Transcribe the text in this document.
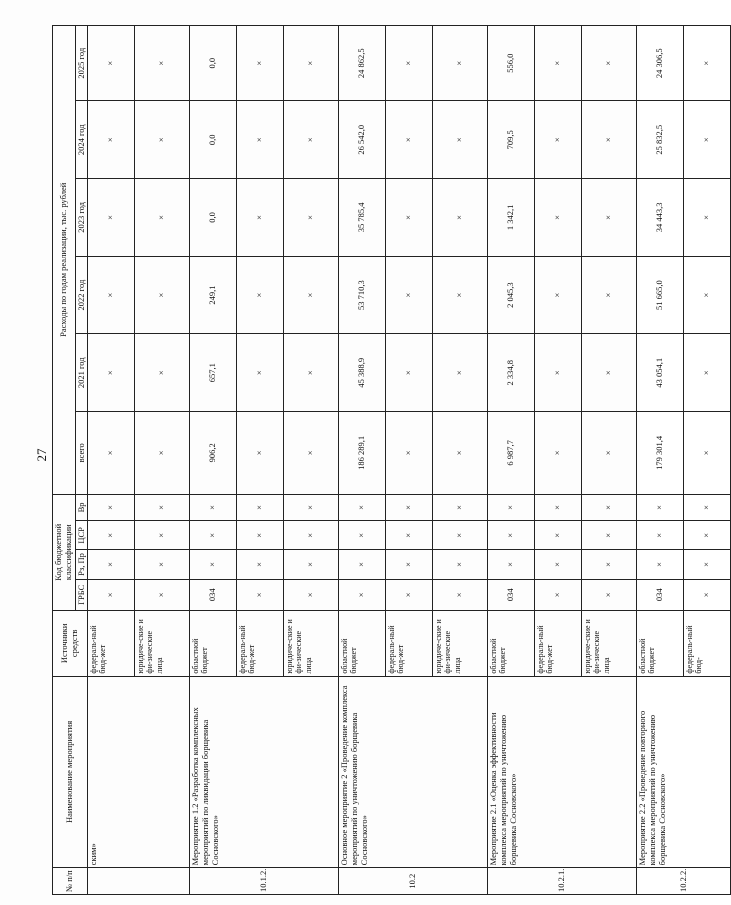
27
№ п/п	Наименование мероприятия	Источники средств	Код бюджетной классификации				Расходы по годам реализации, тыс. рублей					
			ГРБС	Рз, Пр	ЦСР	Вр	всего	2021 год	2022 год	2023 год	2024 год	2025 год
	ским»	федераль-ный бюд-жет	×	×	×	×	×	×	×	×	×	×
		юридиче-ские и фи-зические лица	×	×	×	×	×	×	×	×	×	×
10.1.2.	Мероприятие 1.2 «Разработка комплексных мероприятий по ликвидации борщевика Сосновского»	областной бюджет	034	×	×	×	906,2	657,1	249,1	0,0	0,0	0,0
		федераль-ный бюд-жет	×	×	×	×	×	×	×	×	×	×
		юридиче-ские и фи-зические лица	×	×	×	×	×	×	×	×	×	×
10.2	Основное мероприятие 2 «Проведение комплекса мероприятий по уничтожению борщевика Сосновского»	областной бюджет	×	×	×	×	186 289,1	45 388,9	53 710,3	35 785,4	26 542,0	24 862,5
		федераль-ный бюд-жет	×	×	×	×	×	×	×	×	×	×
		юридиче-ские и фи-зические лица	×	×	×	×	×	×	×	×	×	×
10.2.1.	Мероприятие 2.1 «Оценка эффективности комплекса мероприятий по уничтожению борщевика Сосновского»	областной бюджет	034	×	×	×	6 987,7	2 334,8	2 045,3	1 342,1	709,5	556,0
		федераль-ный бюд-жет	×	×	×	×	×	×	×	×	×	×
		юридиче-ские и фи-зические лица	×	×	×	×	×	×	×	×	×	×
10.2.2.	Мероприятие 2.2 «Проведение повторного комплекса мероприятий по уничтожению борщевика Сосновского»	областной бюджет	034	×	×	×	179 301,4	43 054,1	51 665,0	34 443,3	25 832,5	24 306,5
		федераль-ный бюд-	×	×	×	×	×	×	×	×	×	×
